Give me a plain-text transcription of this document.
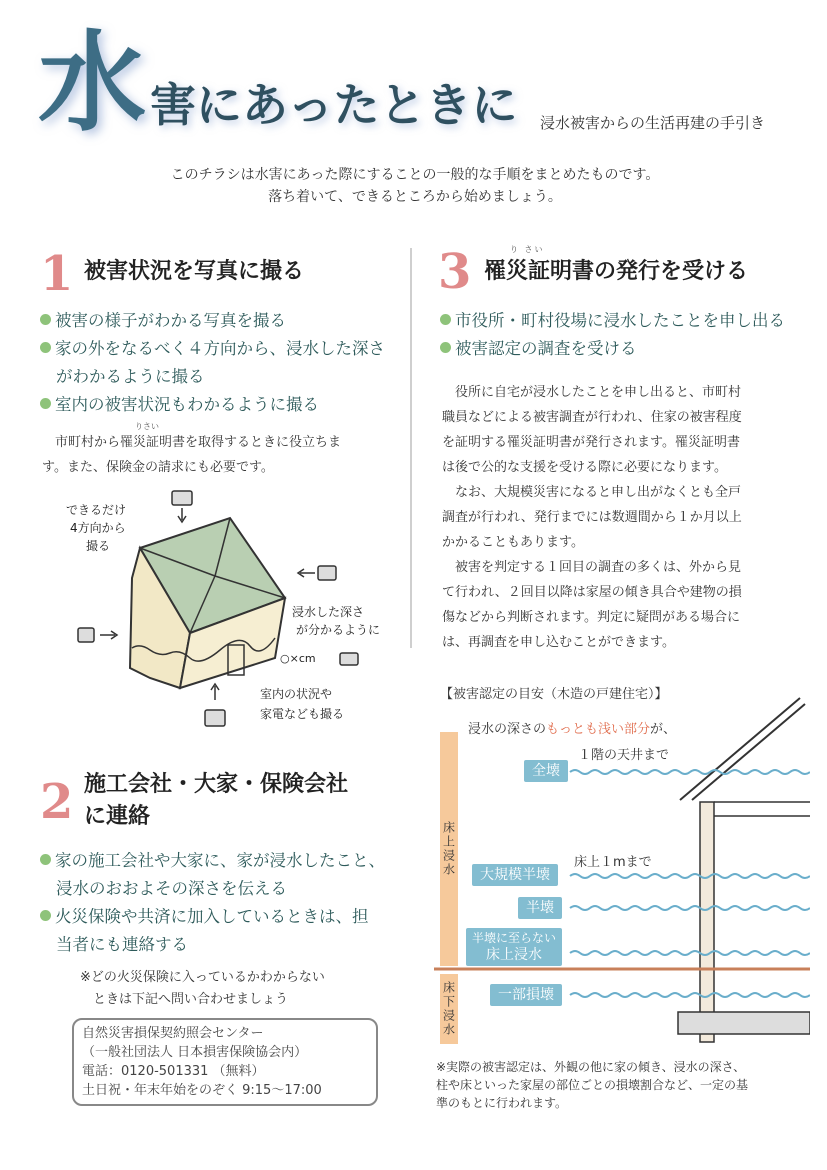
水 害にあったときに 浸水被害からの生活再建の手引き
このチラシは水害にあった際にすることの一般的な手順をまとめたものです。
落ち着いて、できるところから始めましょう。
1 被害状況を写真に撮る
被害の様子がわかる写真を撮る
家の外をなるべく４方向から、浸水した深さ
がわかるように撮る
室内の被害状況もわかるように撮る
りさい
市町村から罹災証明書を取得するときに役立ちま
す。また、保険金の請求にも必要です。
できるだけ
4方向から
撮る
浸水した深さ
が分かるように
○×cm
室内の状況や
家電なども撮る
2 施工会社・大家・保険会社
に連絡
家の施工会社や大家に、家が浸水したこと、
浸水のおおよその深さを伝える
火災保険や共済に加入しているときは、担
当者にも連絡する
※どの火災保険に入っているかわからない
ときは下記へ問い合わせましょう
自然災害損保契約照会センター
（一般社団法人 日本損害保険協会内）
電話：0120-501331 （無料）
土日祝・年末年始をのぞく 9:15～17:00
3	り さい
罹災証明書の発行を受ける
市役所・町村役場に浸水したことを申し出る
被害認定の調査を受ける
役所に自宅が浸水したことを申し出ると、市町村
職員などによる被害調査が行われ、住家の被害程度
を証明する罹災証明書が発行されます。罹災証明書
は後で公的な支援を受ける際に必要になります。
なお、大規模災害になると申し出がなくとも全戸
調査が行われ、発行までには数週間から１か月以上
かかることもあります。
被害を判定する１回目の調査の多くは、外から見
て行われ、２回目以降は家屋の傾き具合や建物の損
傷などから判断されます。判定に疑問がある場合に
は、再調査を申し込むことができます。
【被害認定の目安（木造の戸建住宅）】
浸水の深さのもっとも浅い部分が、
１階の天井まで
床上１mまで
床上浸水
床下浸水
全壊
大規模半壊
半壊
半壊に至らない
床上浸水
一部損壊
※実際の被害認定は、外観の他に家の傾き、浸水の深さ、
柱や床といった家屋の部位ごとの損壊割合など、一定の基
準のもとに行われます。
